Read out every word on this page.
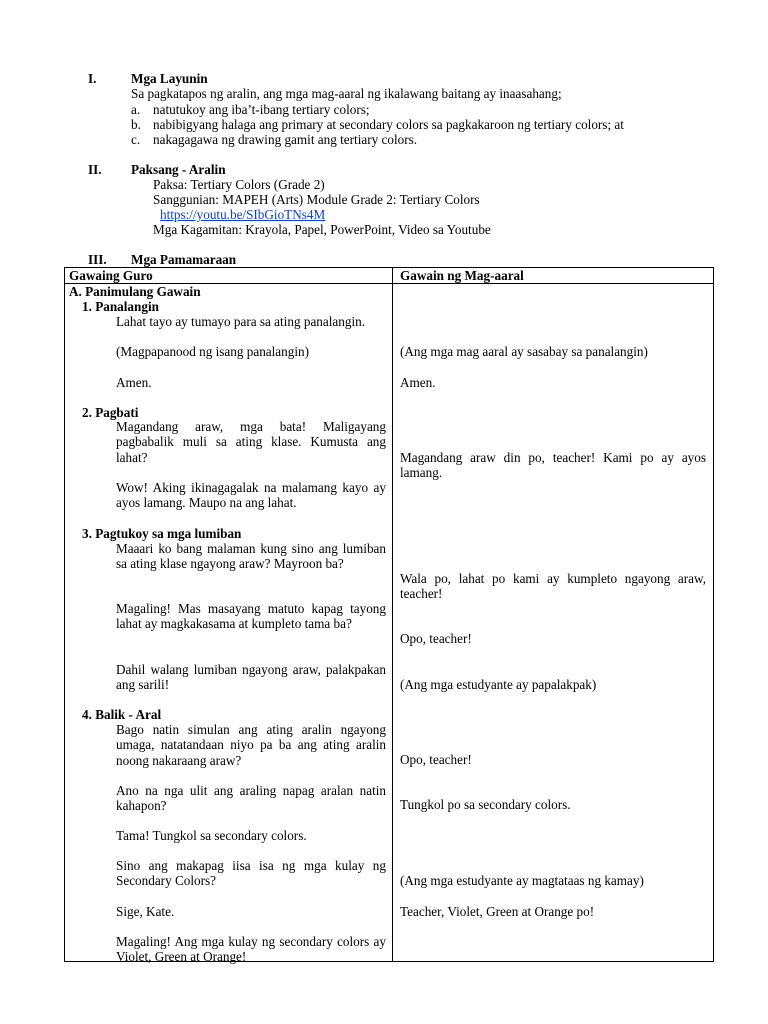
I.	Mga Layunin
Sa pagkatapos ng aralin, ang mga mag-aaral ng ikalawang baitang ay inaasahang;
a. natutukoy ang iba’t-ibang tertiary colors;
b. nabibigyang halaga ang primary at secondary colors sa pagkakaroon ng tertiary colors; at
c. nakagagawa ng drawing gamit ang tertiary colors.
II. Paksang - Aralin
Paksa: Tertiary Colors (Grade 2)
Sanggunian: MAPEH (Arts) Module Grade 2: Tertiary Colors
https://youtu.be/SIbGioTNs4M
Mga Kagamitan: Krayola, Papel, PowerPoint, Video sa Youtube
III. Mga Pamamaraan
Gawaing Guro	Gawain ng Mag-aaral
A. Panimulang Gawain
1. Panalangin
Lahat tayo ay tumayo para sa ating panalangin.
(Magpapanood ng isang panalangin)
Amen.
(Ang mga mag aaral ay sasabay sa panalangin)
Amen.
2. Pagbati
Magandang araw, mga bata! Maligayang pagbabalik muli sa ating klase. Kumusta ang lahat?
Wow! Aking ikinagagalak na malamang kayo ay ayos lamang. Maupo na ang lahat.
Magandang araw din po, teacher! Kami po ay ayos lamang.
3. Pagtukoy sa mga lumiban
Maaari ko bang malaman kung sino ang lumiban sa ating klase ngayong araw? Mayroon ba?
Magaling! Mas masayang matuto kapag tayong lahat ay magkakasama at kumpleto tama ba?
Dahil walang lumiban ngayong araw, palakpakan ang sarili!
Wala po, lahat po kami ay kumpleto ngayong araw, teacher!
Opo, teacher!
(Ang mga estudyante ay papalakpak)
4. Balik - Aral
Bago natin simulan ang ating aralin ngayong umaga, natatandaan niyo pa ba ang ating aralin noong nakaraang araw?
Ano na nga ulit ang araling napag aralan natin kahapon?
Tama! Tungkol sa secondary colors.
Sino ang makapag iisa isa ng mga kulay ng Secondary Colors?
Sige, Kate.
Magaling! Ang mga kulay ng secondary colors ay Violet, Green at Orange!
Opo, teacher!
Tungkol po sa secondary colors.
(Ang mga estudyante ay magtataas ng kamay)
Teacher, Violet, Green at Orange po!
